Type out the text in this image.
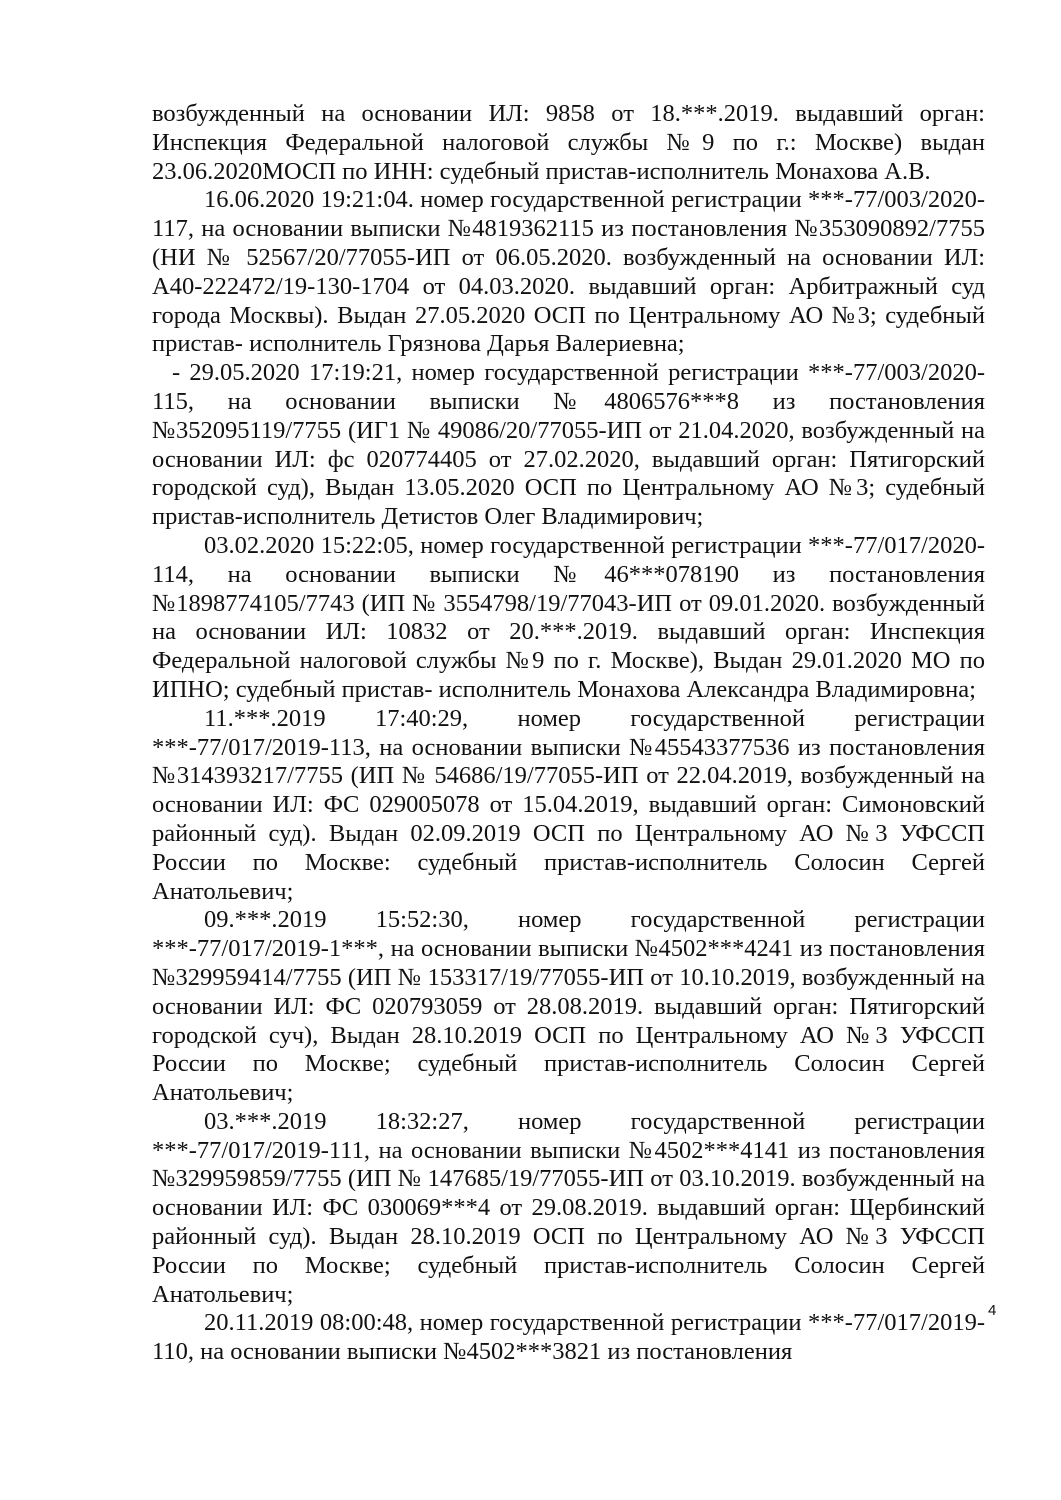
возбужденный на основании ИЛ: 9858 от 18.***.2019. выдавший орган: Инспекция Федеральной налоговой службы №9 по г.: Москве) выдан 23.06.2020МОСП по ИНН: судебный пристав-исполнитель Монахова А.В.

16.06.2020 19:21:04. номер государственной регистрации ***-77/003/2020-117, на основании выписки №4819362115 из постановления №353090892/7755 (НИ № 52567/20/77055-ИП от 06.05.2020. возбужденный на основании ИЛ: А40-222472/19-130-1704 от 04.03.2020. выдавший орган: Арбитражный суд города Москвы). Выдан 27.05.2020 ОСП по Центральному АО №3; судебный пристав- исполнитель Грязнова Дарья Валериевна;

- 29.05.2020 17:19:21, номер государственной регистрации ***-77/003/2020-115, на основании выписки №4806576***8 из постановления №352095119/7755 (ИГ1 № 49086/20/77055-ИП от 21.04.2020, возбужденный на основании ИЛ: фс 020774405 от 27.02.2020, выдавший орган: Пятигорский городской суд), Выдан 13.05.2020 ОСП по Центральному АО №3; судебный пристав-исполнитель Детистов Олег Владимирович;

03.02.2020 15:22:05, номер государственной регистрации ***-77/017/2020-114, на основании выписки №46***078190 из постановления №1898774105/7743 (ИП № 3554798/19/77043-ИП от 09.01.2020. возбужденный на основании ИЛ: 10832 от 20.***.2019. выдавший орган: Инспекция Федеральной налоговой службы №9 по г. Москве), Выдан 29.01.2020 МО по ИПНО; судебный пристав- исполнитель Монахова Александра Владимировна;

11.***.2019 17:40:29, номер государственной регистрации ***-77/017/2019-113, на основании выписки №45543377536 из постановления №314393217/7755 (ИП № 54686/19/77055-ИП от 22.04.2019, возбужденный на основании ИЛ: ФС 029005078 от 15.04.2019, выдавший орган: Симоновский районный суд). Выдан 02.09.2019 ОСП по Центральному АО №3 УФССП России по Москве: судебный пристав-исполнитель Солосин Сергей Анатольевич;

09.***.2019 15:52:30, номер государственной регистрации ***-77/017/2019-1***, на основании выписки №4502***4241 из постановления №329959414/7755 (ИП № 153317/19/77055-ИП от 10.10.2019, возбужденный на основании ИЛ: ФС 020793059 от 28.08.2019. выдавший орган: Пятигорский городской суч), Выдан 28.10.2019 ОСП по Центральному АО №3 УФССП России по Москве; судебный пристав-исполнитель Солосин Сергей Анатольевич;

03.***.2019 18:32:27, номер государственной регистрации ***-77/017/2019-111, на основании выписки №4502***4141 из постановления №329959859/7755 (ИП № 147685/19/77055-ИП от 03.10.2019. возбужденный на основании ИЛ: ФС 030069***4 от 29.08.2019. выдавший орган: Щербинский районный суд). Выдан 28.10.2019 ОСП по Центральному АО №3 УФССП России по Москве; судебный пристав-исполнитель Солосин Сергей Анатольевич;

20.11.2019 08:00:48, номер государственной регистрации ***-77/017/2019-110, на основании выписки №4502***3821 из постановления

4
